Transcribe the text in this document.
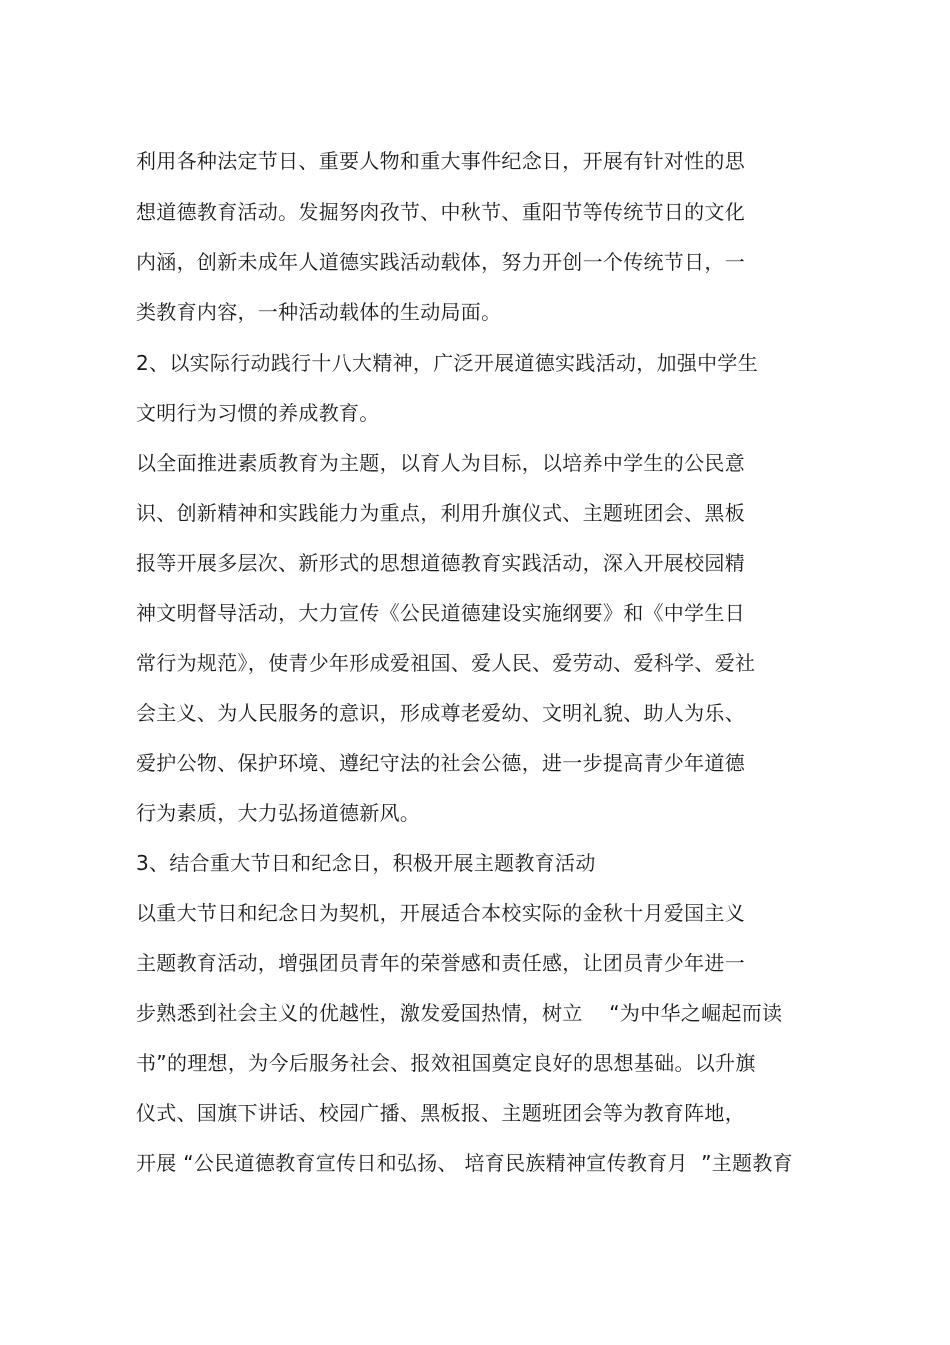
利用各种法定节日、重要人物和重大事件纪念日，开展有针对性的思
想道德教育活动。发掘努肉孜节、中秋节、重阳节等传统节日的文化
内涵，创新未成年人道德实践活动载体，努力开创一个传统节日，一
类教育内容，一种活动载体的生动局面。
2、以实际行动践行十八大精神，广泛开展道德实践活动，加强中学生
文明行为习惯的养成教育。
以全面推进素质教育为主题，以育人为目标，以培养中学生的公民意
识、创新精神和实践能力为重点，利用升旗仪式、主题班团会、黑板
报等开展多层次、新形式的思想道德教育实践活动，深入开展校园精
神文明督导活动，大力宣传《公民道德建设实施纲要》和《中学生日
常行为规范》，使青少年形成爱祖国、爱人民、爱劳动、爱科学、爱社
会主义、为人民服务的意识，形成尊老爱幼、文明礼貌、助人为乐、
爱护公物、保护环境、遵纪守法的社会公德，进一步提高青少年道德
行为素质，大力弘扬道德新风。
3、结合重大节日和纪念日，积极开展主题教育活动
以重大节日和纪念日为契机，开展适合本校实际的金秋十月爱国主义
主题教育活动，增强团员青年的荣誉感和责任感，让团员青少年进一
步熟悉到社会主义的优越性，激发爱国热情，树立    “为中华之崛起而读
书”的理想，为今后服务社会、报效祖国奠定良好的思想基础。以升旗
仪式、国旗下讲话、校园广播、黑板报、主题班团会等为教育阵地，
开展 “公民道德教育宣传日和弘扬、 培育民族精神宣传教育月  ”主题教育
